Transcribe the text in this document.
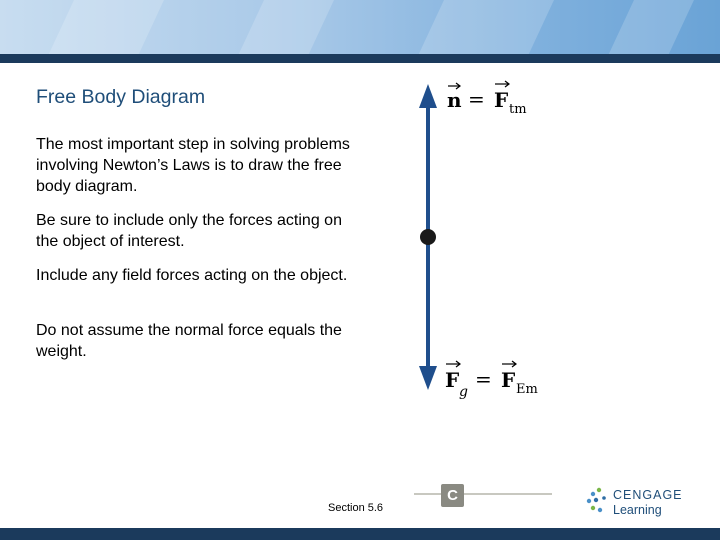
Free Body Diagram
The most important step in solving problems involving Newton’s Laws is to draw the free body diagram.
Be sure to include only the forces acting on the object of interest.
Include any field forces acting on the object.
Do not assume the normal force equals the weight.
n = F tm
F g
= F Em
Section 5.6
C	CENGAGE
Learning
